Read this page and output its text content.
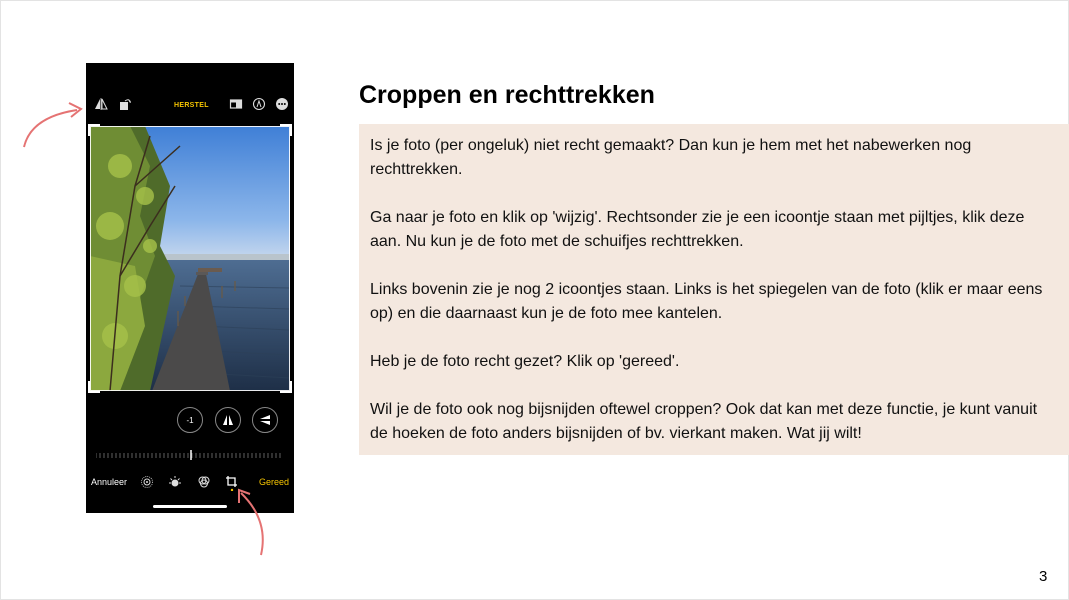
Croppen en rechttrekken

Is je foto (per ongeluk) niet recht gemaakt? Dan kun je hem met het nabewerken nog rechttrekken.

Ga naar je foto en klik op 'wijzig'. Rechtsonder zie je een icoontje staan met pijltjes, klik deze aan. Nu kun je de foto met de schuifjes rechttrekken.

Links bovenin zie je nog 2 icoontjes staan. Links is het spiegelen van de foto (klik er maar eens op) en die daarnaast kun je de foto mee kantelen.

Heb je de foto recht gezet? Klik op 'gereed'.

Wil je de foto ook nog bijsnijden oftewel croppen? Ook dat kan met deze functie, je kunt vanuit de hoeken de foto anders bijsnijden of bv. vierkant maken. Wat jij wilt!

HERSTEL
-1
Annuleer	Gereed
3
